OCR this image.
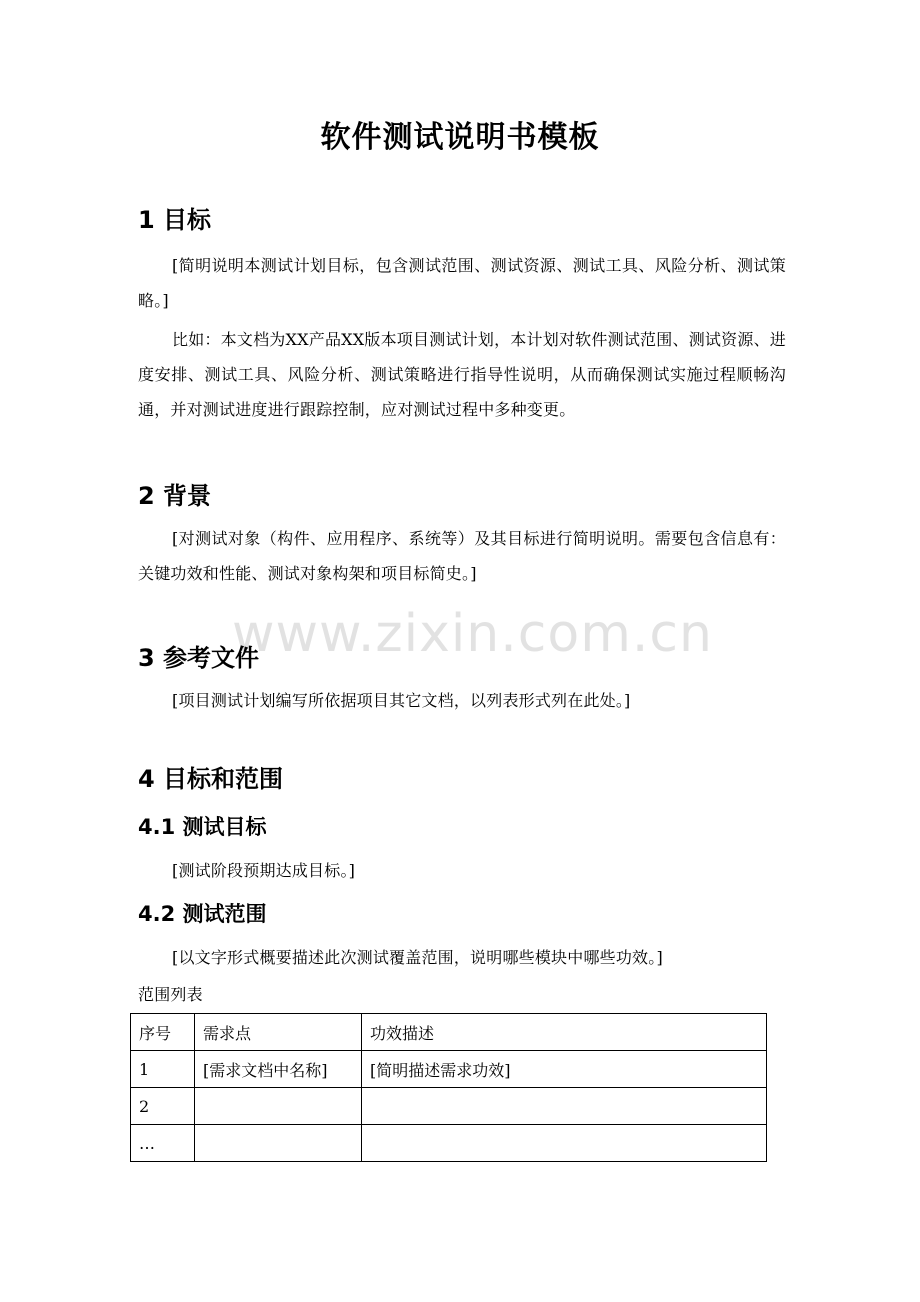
软件测试说明书模板
1 目标

[简明说明本测试计划目标，包含测试范围、测试资源、测试工具、风险分析、测试策略。]

比如：本文档为XX产品XX版本项目测试计划，本计划对软件测试范围、测试资源、进度安排、测试工具、风险分析、测试策略进行指导性说明，从而确保测试实施过程顺畅沟通，并对测试进度进行跟踪控制，应对测试过程中多种变更。

2 背景

[对测试对象（构件、应用程序、系统等）及其目标进行简明说明。需要包含信息有：关键功效和性能、测试对象构架和项目标简史。]

www.zixin.com.cn
3 参考文件

[项目测试计划编写所依据项目其它文档，以列表形式列在此处。]

4 目标和范围
4.1 测试目标

[测试阶段预期达成目标。]

4.2 测试范围

[以文字形式概要描述此次测试覆盖范围，说明哪些模块中哪些功效。]

范围列表

序号	需求点	功效描述
1	[需求文档中名称]	[简明描述需求功效]
2		
…		
